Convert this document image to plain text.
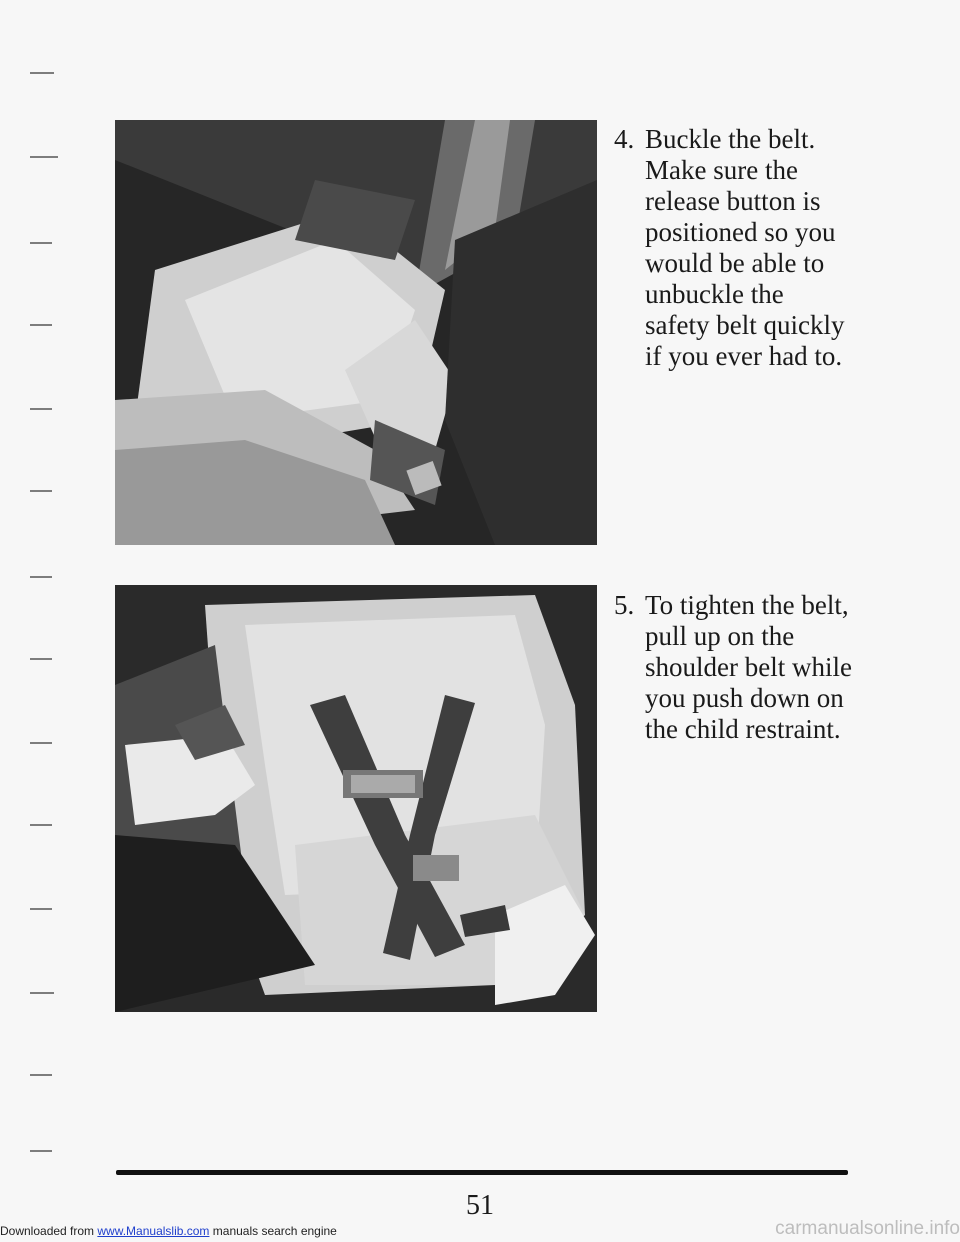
4. Buckle the belt. Make sure the release button is positioned so you would be able to unbuckle the safety belt quickly if you ever had to.

5. To tighten the belt, pull up on the shoulder belt while you push down on the child restraint.

51
Downloaded from www.Manualslib.com manuals search engine	carmanualsonline.info
